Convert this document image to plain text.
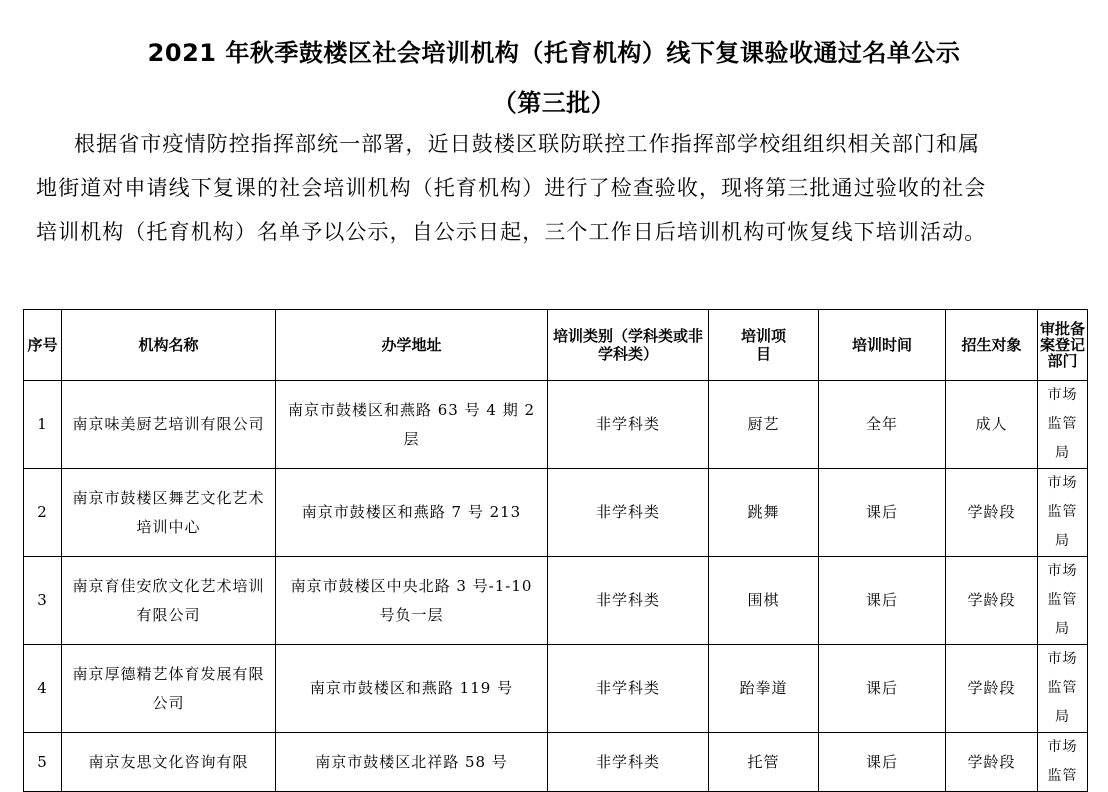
2021 年秋季鼓楼区社会培训机构（托育机构）线下复课验收通过名单公示
（第三批）
根据省市疫情防控指挥部统一部署，近日鼓楼区联防联控工作指挥部学校组组织相关部门和属
地街道对申请线下复课的社会培训机构（托育机构）进行了检查验收，现将第三批通过验收的社会
培训机构（托育机构）名单予以公示，自公示日起，三个工作日后培训机构可恢复线下培训活动。
序号	机构名称	办学地址	培训类别（学科类或非学科类）	培训项目	培训时间	招生对象	审批备案登记部门
1	南京味美厨艺培训有限公司	南京市鼓楼区和燕路 63 号 4 期 2 层	非学科类	厨艺	全年	成人	市场监管局
2	南京市鼓楼区舞艺文化艺术培训中心	南京市鼓楼区和燕路 7 号 213	非学科类	跳舞	课后	学龄段	市场监管局
3	南京育佳安欣文化艺术培训有限公司	南京市鼓楼区中央北路 3 号-1-10 号负一层	非学科类	围棋	课后	学龄段	市场监管局
4	南京厚德精艺体育发展有限公司	南京市鼓楼区和燕路 119 号	非学科类	跆拳道	课后	学龄段	市场监管局
5	南京友思文化咨询有限	南京市鼓楼区北祥路 58 号	非学科类	托管	课后	学龄段	市场监管
